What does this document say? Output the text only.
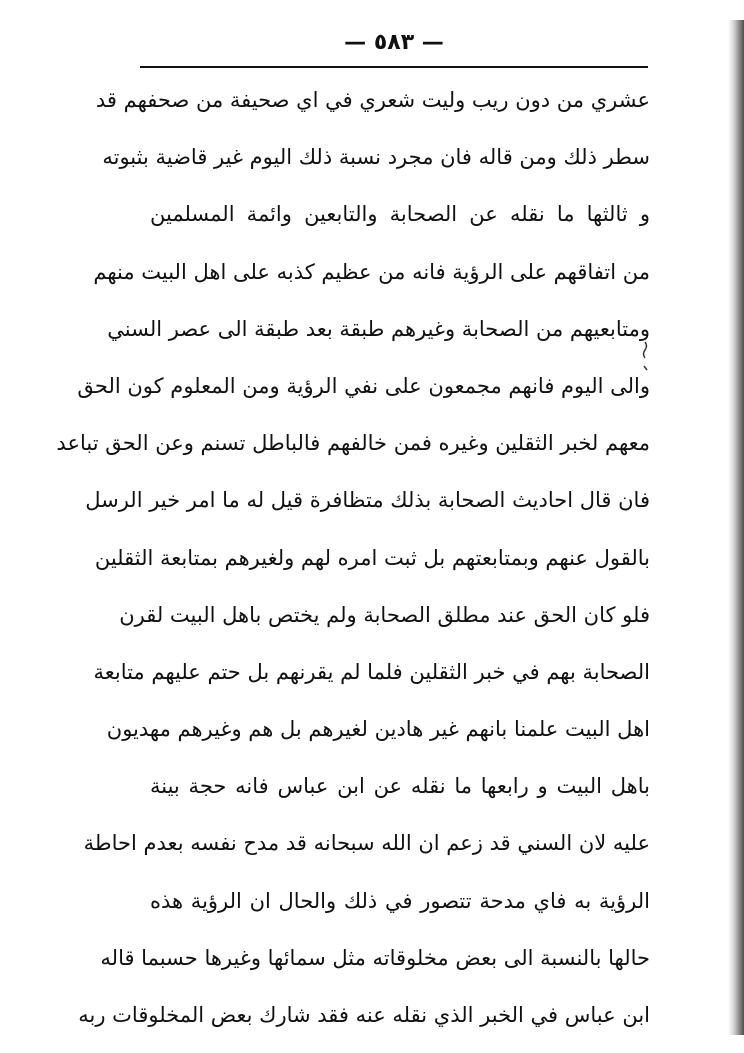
— ٥٨٣ —
عشري من دون ريب وليت شعري في اي صحيفة من صحفهم قد
سطر ذلك ومن قاله فان مجرد نسبة ذلك اليوم غير قاضية بثبوته
و ثالثها ما نقله عن الصحابة والتابعين وائمة المسلمين
من اتفاقهم على الرؤية فانه من عظيم كذبه على اهل البيت منهم
ومتابعيهم من الصحابة وغيرهم طبقة بعد طبقة الى عصر السني
والى اليوم فانهم مجمعون على نفي الرؤية ومن المعلوم كون الحق
معهم لخبر الثقلين وغيره فمن خالفهم فالباطل تسنم وعن الحق تباعد
فان قال احاديث الصحابة بذلك متظافرة قيل له ما امر خير الرسل
بالقول عنهم وبمتابعتهم بل ثبت امره لهم ولغيرهم بمتابعة الثقلين
فلو كان الحق عند مطلق الصحابة ولم يختص باهل البيت لقرن
الصحابة بهم في خبر الثقلين فلما لم يقرنهم بل حتم عليهم متابعة
اهل البيت علمنا بانهم غير هادين لغيرهم بل هم وغيرهم مهديون
باهل البيت و رابعها ما نقله عن ابن عباس فانه حجة بينة
عليه لان السني قد زعم ان الله سبحانه قد مدح نفسه بعدم احاطة
الرؤية به فاي مدحة تتصور في ذلك والحال ان الرؤية هذه
حالها بالنسبة الى بعض مخلوقاته مثل سمائها وغيرها حسبما قاله
ابن عباس في الخبر الذي نقله عنه فقد شارك بعض المخلوقات ربه
